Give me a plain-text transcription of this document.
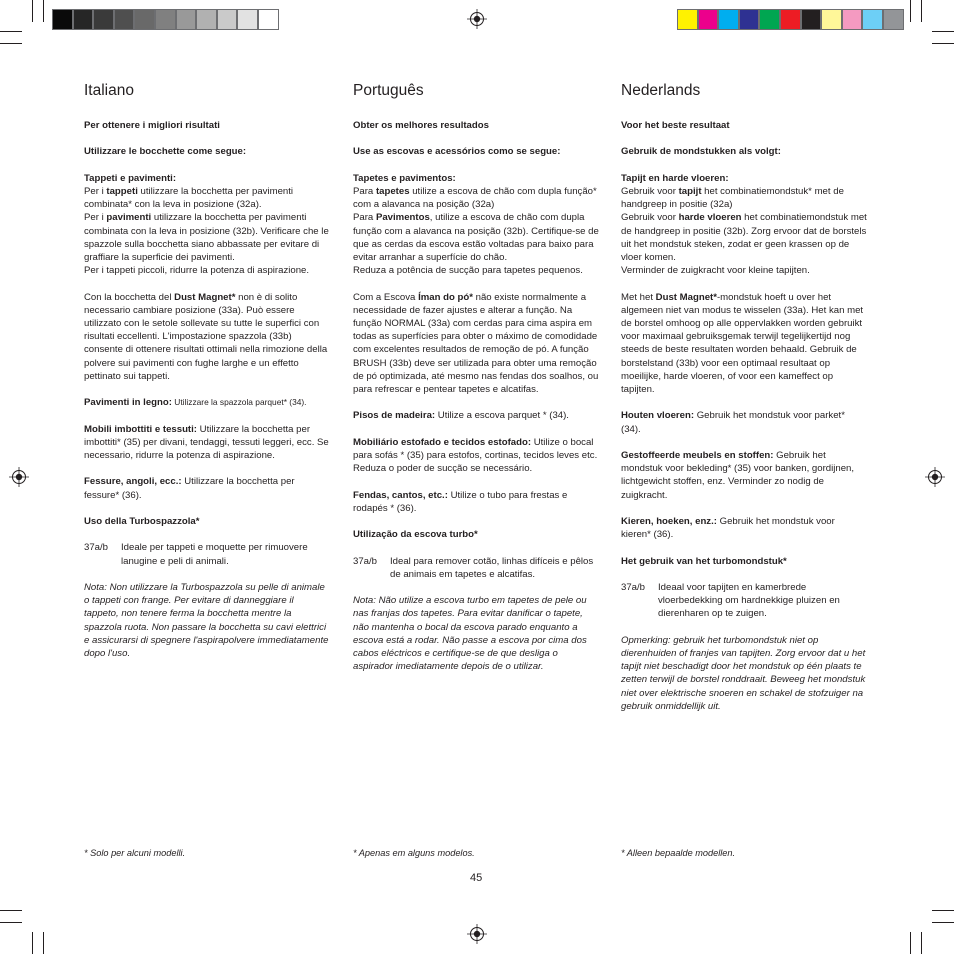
Italiano

Per ottenere i migliori risultati

Utilizzare le bocchette come segue:

Tappeti e pavimenti:

Per i tappeti utilizzare la bocchetta per pavimenti combinata* con la leva in posizione (32a).

Per i pavimenti utilizzare la bocchetta per pavimenti combinata con la leva in posizione (32b). Verificare che le spazzole sulla bocchetta siano abbassate per evitare di graffiare la superficie dei pavimenti.

Per i tappeti piccoli, ridurre la potenza di aspirazione.

Con la bocchetta del Dust Magnet* non è di solito necessario cambiare posizione (33a). Può essere utilizzato con le setole sollevate su tutte le superfici con risultati eccellenti. L'impostazione spazzola (33b) consente di ottenere risultati ottimali nella rimozione della polvere sui pavimenti con fughe larghe e un effetto pettinato sui tappeti.

Pavimenti in legno: Utilizzare la spazzola parquet* (34).

Mobili imbottiti e tessuti: Utilizzare la bocchetta per imbottiti* (35) per divani, tendaggi, tessuti leggeri, ecc. Se necessario, ridurre la potenza di aspirazione.

Fessure, angoli, ecc.: Utilizzare la bocchetta per fessure* (36).

Uso della Turbospazzola*

37a/b	Ideale per tappeti e moquette per rimuovere lanugine e peli di animali.

Nota: Non utilizzare la Turbospazzola su pelle di animale o tappeti con frange. Per evitare di danneggiare il tappeto, non tenere ferma la bocchetta mentre la spazzola ruota. Non passare la bocchetta su cavi elettrici e assicurarsi di spegnere l'aspirapolvere immediatamente dopo l'uso.

* Solo per alcuni modelli.
Português

Obter os melhores resultados

Use as escovas e acessórios como se segue:

Tapetes e pavimentos:

Para tapetes utilize a escova de chão com dupla função* com a alavanca na posição (32a)

Para Pavimentos, utilize a escova de chão com dupla função com a alavanca na posição (32b). Certifique-se de que as cerdas da escova estão voltadas para baixo para evitar arranhar a superfície do chão.

Reduza a potência de sucção para tapetes pequenos.

Com a Escova Íman do pó* não existe normalmente a necessidade de fazer ajustes e alterar a função. Na função NORMAL (33a) com cerdas para cima aspira em todas as superfícies para obter o máximo de comodidade com excelentes resultados de remoção de pó. A função BRUSH (33b) deve ser utilizada para obter uma remoção de pó optimizada, até mesmo nas fendas dos soalhos, ou para refrescar e pentear tapetes e alcatifas.

Pisos de madeira: Utilize a escova parquet * (34).

Mobiliário estofado e tecidos estofado: Utilize o bocal para sofás * (35) para estofos, cortinas, tecidos leves etc. Reduza o poder de sucção se necessário.

Fendas, cantos, etc.: Utilize o tubo para frestas e rodapés * (36).

Utilização da escova turbo*

37a/b	Ideal para remover cotão, linhas difíceis e pêlos de animais em tapetes e alcatifas.

Nota: Não utilize a escova turbo em tapetes de pele ou nas franjas dos tapetes. Para evitar danificar o tapete, não mantenha o bocal da escova parado enquanto a escova está a rodar. Não passe a escova por cima dos cabos eléctricos e certifique-se de que desliga o aspirador imediatamente depois de o utilizar.

* Apenas em alguns modelos.
Nederlands

Voor het beste resultaat

Gebruik de mondstukken als volgt:

Tapijt en harde vloeren:

Gebruik voor tapijt het combinatiemondstuk* met de handgreep in positie (32a)

Gebruik voor harde vloeren het combinatiemondstuk met de handgreep in positie (32b). Zorg ervoor dat de borstels uit het mondstuk steken, zodat er geen krassen op de vloer komen.

Verminder de zuigkracht voor kleine tapijten.

Met het Dust Magnet*-mondstuk hoeft u over het algemeen niet van modus te wisselen (33a). Het kan met de borstel omhoog op alle oppervlakken worden gebruikt voor maximaal gebruiksgemak terwijl tegelijkertijd nog steeds de beste resultaten worden behaald. Gebruik de borstelstand (33b) voor een optimaal resultaat op moeilijke, harde vloeren, of voor een kameffect op tapijten.

Houten vloeren: Gebruik het mondstuk voor parket* (34).

Gestoffeerde meubels en stoffen: Gebruik het mondstuk voor bekleding* (35) voor banken, gordijnen, lichtgewicht stoffen, enz. Verminder zo nodig de zuigkracht.

Kieren, hoeken, enz.: Gebruik het mondstuk voor kieren* (36).

Het gebruik van het turbomondstuk*

37a/b	Ideaal voor tapijten en kamerbrede vloerbedekking om hardnekkige pluizen en dierenharen op te zuigen.

Opmerking: gebruik het turbomondstuk niet op dierenhuiden of franjes van tapijten. Zorg ervoor dat u het tapijt niet beschadigt door het mondstuk op één plaats te zetten terwijl de borstel ronddraait. Beweeg het mondstuk niet over elektrische snoeren en schakel de stofzuiger na gebruik onmiddellijk uit.

* Alleen bepaalde modellen.
45
